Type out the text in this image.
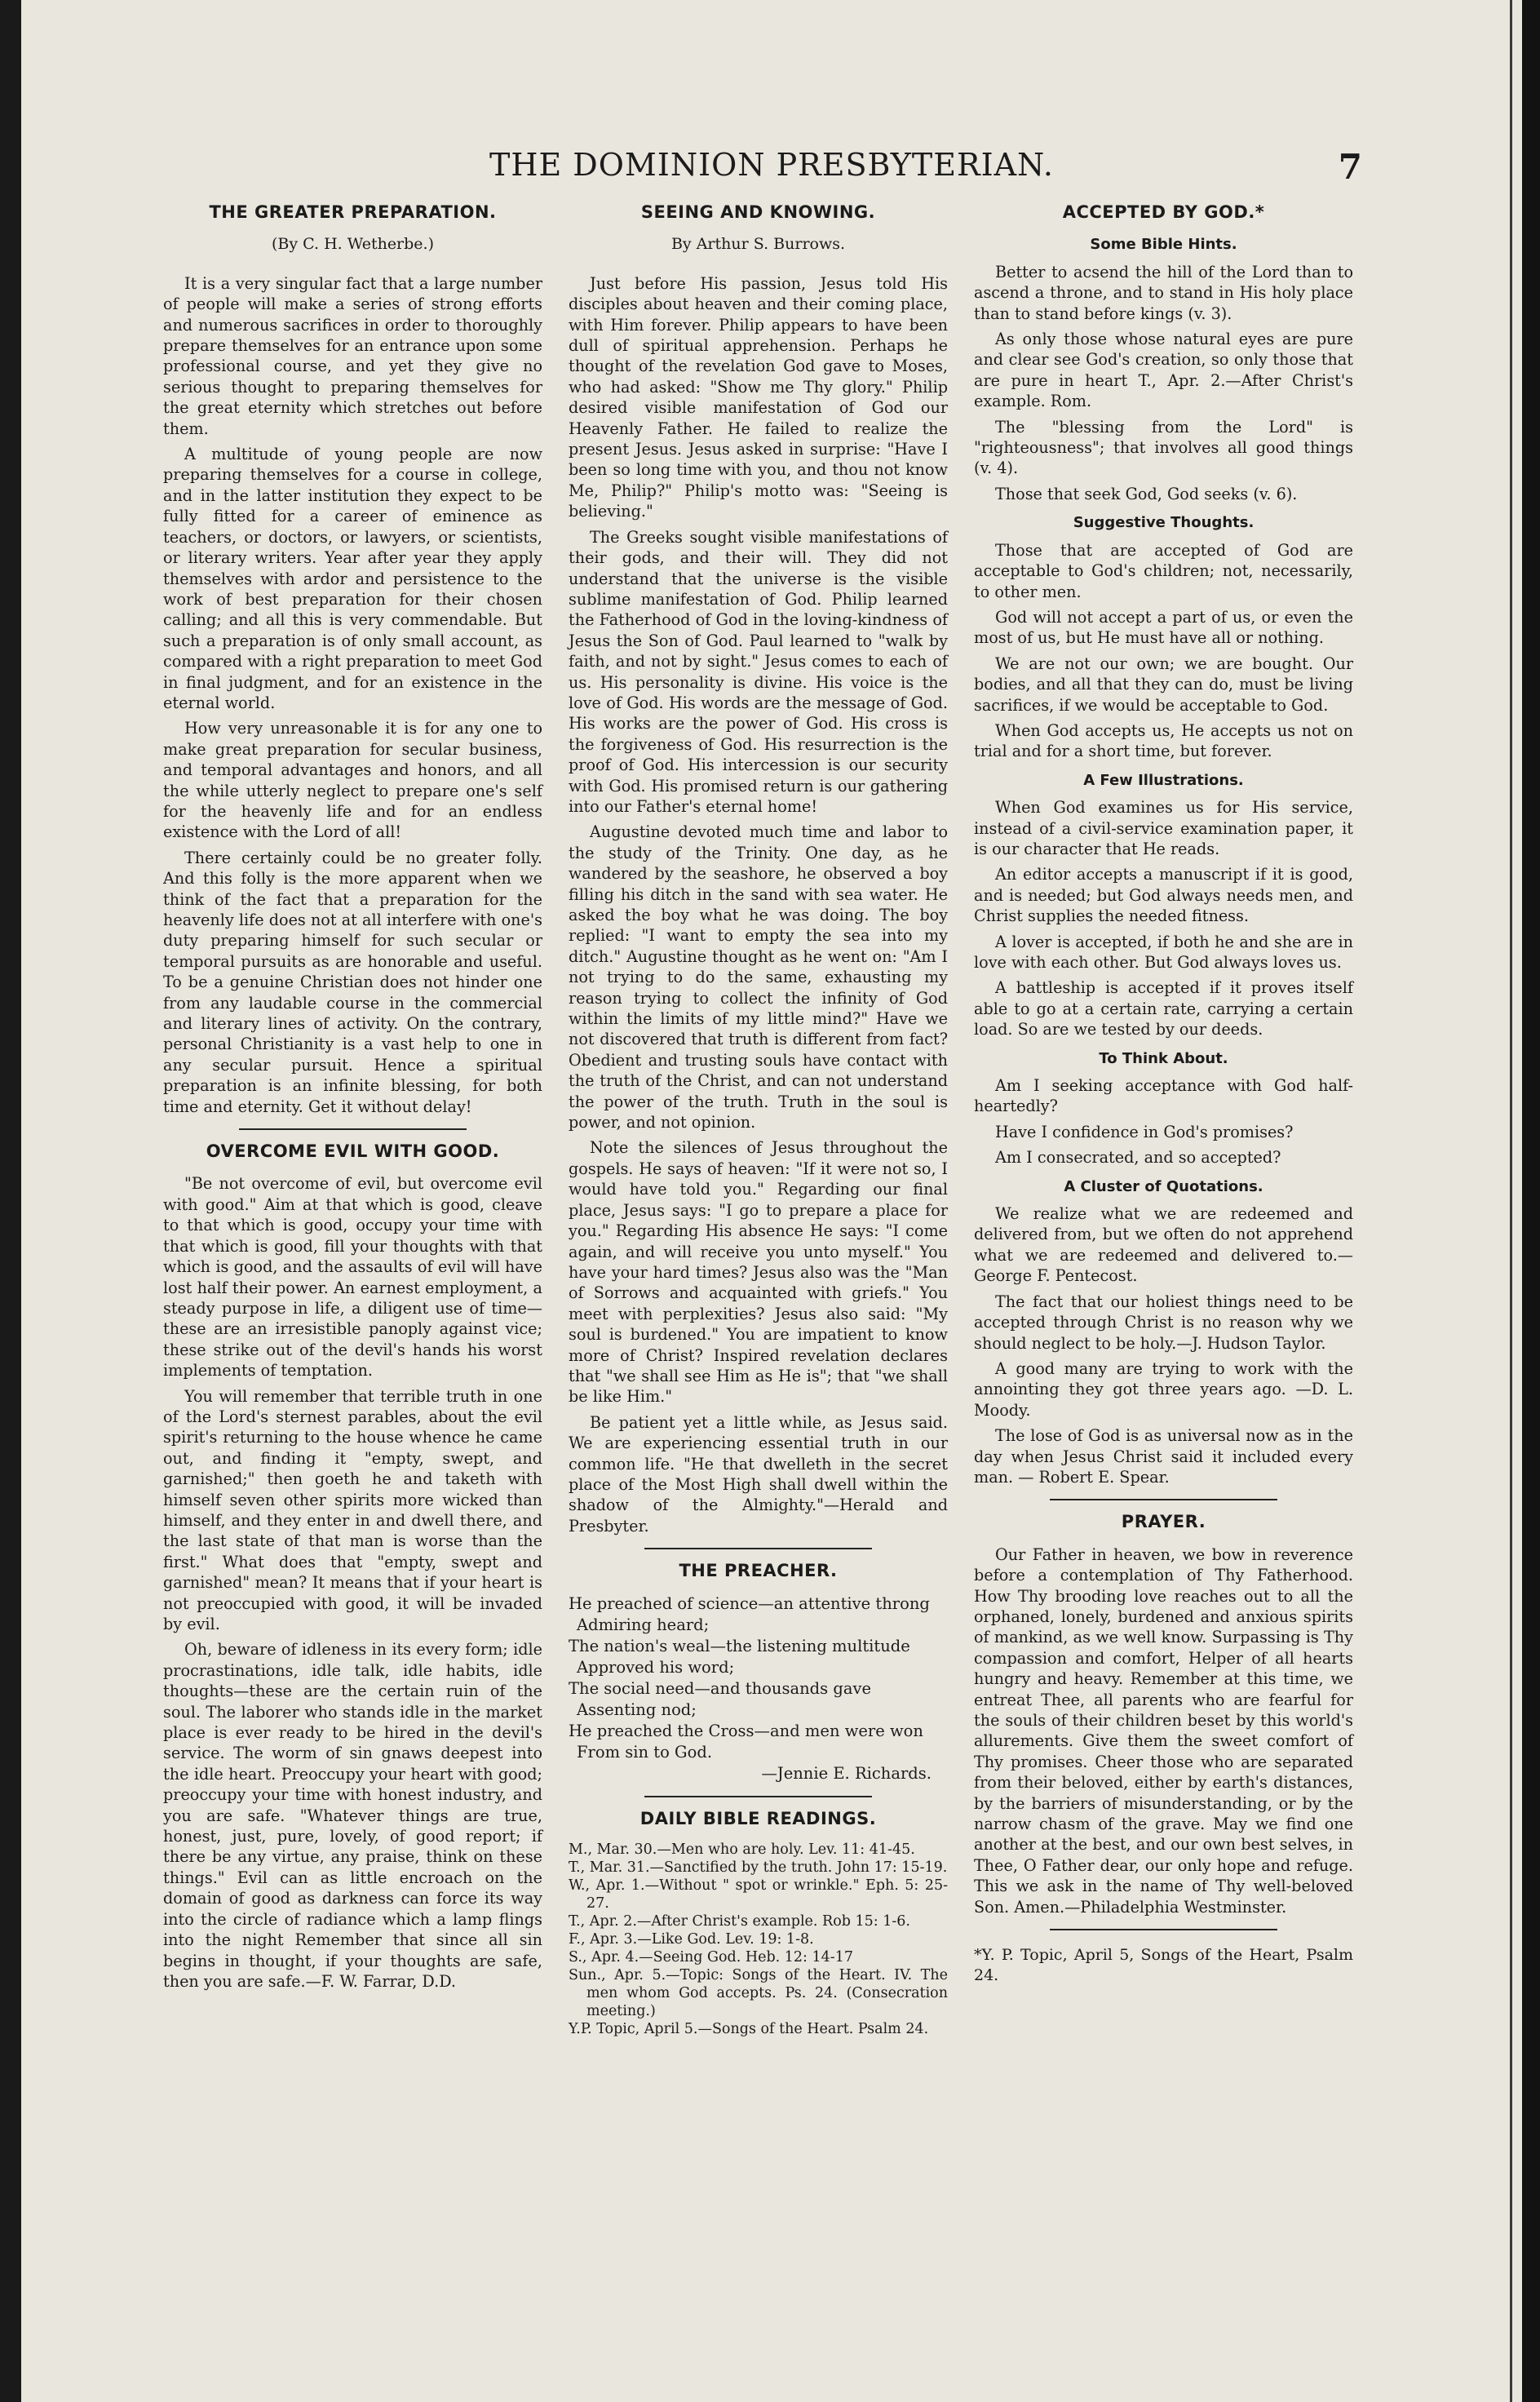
THE DOMINION PRESBYTERIAN.	7
THE GREATER PREPARATION.
(By C. H. Wetherbe.)

It is a very singular fact that a large number of people will make a series of strong efforts and numerous sacrifices in order to thoroughly prepare themselves for an entrance upon some professional course, and yet they give no serious thought to preparing themselves for the great eternity which stretches out before them.

A multitude of young people are now preparing themselves for a course in college, and in the latter institution they expect to be fully fitted for a career of eminence as teachers, or doctors, or lawyers, or scientists, or literary writers. Year after year they apply themselves with ardor and persistence to the work of best preparation for their chosen calling; and all this is very commendable. But such a preparation is of only small account, as compared with a right preparation to meet God in final judgment, and for an existence in the eternal world.

How very unreasonable it is for any one to make great preparation for secular business, and temporal advantages and honors, and all the while utterly neglect to prepare one's self for the heavenly life and for an endless existence with the Lord of all!

There certainly could be no greater folly. And this folly is the more apparent when we think of the fact that a preparation for the heavenly life does not at all interfere with one's duty preparing himself for such secular or temporal pursuits as are honorable and useful. To be a genuine Christian does not hinder one from any laudable course in the commercial and literary lines of activity. On the contrary, personal Christianity is a vast help to one in any secular pursuit. Hence a spiritual preparation is an infinite blessing, for both time and eternity. Get it without delay!

OVERCOME EVIL WITH GOOD.

"Be not overcome of evil, but overcome evil with good." Aim at that which is good, cleave to that which is good, occupy your time with that which is good, fill your thoughts with that which is good, and the assaults of evil will have lost half their power. An earnest employment, a steady purpose in life, a diligent use of time—these are an irresistible panoply against vice; these strike out of the devil's hands his worst implements of temptation.

You will remember that terrible truth in one of the Lord's sternest parables, about the evil spirit's returning to the house whence he came out, and finding it "empty, swept, and garnished;" then goeth he and taketh with himself seven other spirits more wicked than himself, and they enter in and dwell there, and the last state of that man is worse than the first." What does that "empty, swept and garnished" mean? It means that if your heart is not preoccupied with good, it will be invaded by evil.

Oh, beware of idleness in its every form; idle procrastinations, idle talk, idle habits, idle thoughts—these are the certain ruin of the soul. The laborer who stands idle in the market place is ever ready to be hired in the devil's service. The worm of sin gnaws deepest into the idle heart. Preoccupy your heart with good; preoccupy your time with honest industry, and you are safe. "Whatever things are true, honest, just, pure, lovely, of good report; if there be any virtue, any praise, think on these things." Evil can as little encroach on the domain of good as darkness can force its way into the circle of radiance which a lamp flings into the night Remember that since all sin begins in thought, if your thoughts are safe, then you are safe.—F. W. Farrar, D.D.

SEEING AND KNOWING.
By Arthur S. Burrows.

Just before His passion, Jesus told His disciples about heaven and their coming place, with Him forever. Philip appears to have been dull of spiritual apprehension. Perhaps he thought of the revelation God gave to Moses, who had asked: "Show me Thy glory." Philip desired visible manifestation of God our Heavenly Father. He failed to realize the present Jesus. Jesus asked in surprise: "Have I been so long time with you, and thou not know Me, Philip?" Philip's motto was: "Seeing is believing."

The Greeks sought visible manifestations of their gods, and their will. They did not understand that the universe is the visible sublime manifestation of God. Philip learned the Fatherhood of God in the loving-kindness of Jesus the Son of God. Paul learned to "walk by faith, and not by sight." Jesus comes to each of us. His personality is divine. His voice is the love of God. His words are the message of God. His works are the power of God. His cross is the forgiveness of God. His resurrection is the proof of God. His intercession is our security with God. His promised return is our gathering into our Father's eternal home!

Augustine devoted much time and labor to the study of the Trinity. One day, as he wandered by the seashore, he observed a boy filling his ditch in the sand with sea water. He asked the boy what he was doing. The boy replied: "I want to empty the sea into my ditch." Augustine thought as he went on: "Am I not trying to do the same, exhausting my reason trying to collect the infinity of God within the limits of my little mind?" Have we not discovered that truth is different from fact? Obedient and trusting souls have contact with the truth of the Christ, and can not understand the power of the truth. Truth in the soul is power, and not opinion.

Note the silences of Jesus throughout the gospels. He says of heaven: "If it were not so, I would have told you." Regarding our final place, Jesus says: "I go to prepare a place for you." Regarding His absence He says: "I come again, and will receive you unto myself." You have your hard times? Jesus also was the "Man of Sorrows and acquainted with griefs." You meet with perplexities? Jesus also said: "My soul is burdened." You are impatient to know more of Christ? Inspired revelation declares that "we shall see Him as He is"; that "we shall be like Him."

Be patient yet a little while, as Jesus said. We are experiencing essential truth in our common life. "He that dwelleth in the secret place of the Most High shall dwell within the shadow of the Almighty."—Herald and Presbyter.

THE PREACHER.
He preached of science—an attentive throng
Admiring heard;
The nation's weal—the listening multitude
Approved his word;
The social need—and thousands gave
Assenting nod;
He preached the Cross—and men were won
From sin to God.
—Jennie E. Richards.
DAILY BIBLE READINGS.
M., Mar. 30.—Men who are holy. Lev. 11: 41-45.
T., Mar. 31.—Sanctified by the truth. John 17: 15-19.
W., Apr. 1.—Without " spot or wrinkle." Eph. 5: 25-27.
T., Apr. 2.—After Christ's example. Rob 15: 1-6.
F., Apr. 3.—Like God. Lev. 19: 1-8.
S., Apr. 4.—Seeing God. Heb. 12: 14-17
Sun., Apr. 5.—Topic: Songs of the Heart. IV. The men whom God accepts. Ps. 24. (Consecration meeting.)
Y.P. Topic, April 5.—Songs of the Heart. Psalm 24.
ACCEPTED BY GOD.*
Some Bible Hints.

Better to acsend the hill of the Lord than to ascend a throne, and to stand in His holy place than to stand before kings (v. 3).

As only those whose natural eyes are pure and clear see God's creation, so only those that are pure in heart T., Apr. 2.—After Christ's example. Rom.

The "blessing from the Lord" is "righteousness"; that involves all good things (v. 4).

Those that seek God, God seeks (v. 6).

Suggestive Thoughts.

Those that are accepted of God are acceptable to God's children; not, necessarily, to other men.

God will not accept a part of us, or even the most of us, but He must have all or nothing.

We are not our own; we are bought. Our bodies, and all that they can do, must be living sacrifices, if we would be acceptable to God.

When God accepts us, He accepts us not on trial and for a short time, but forever.

A Few Illustrations.

When God examines us for His service, instead of a civil-service examination paper, it is our character that He reads.

An editor accepts a manuscript if it is good, and is needed; but God always needs men, and Christ supplies the needed fitness.

A lover is accepted, if both he and she are in love with each other. But God always loves us.

A battleship is accepted if it proves itself able to go at a certain rate, carrying a certain load. So are we tested by our deeds.

To Think About.

Am I seeking acceptance with God half-heartedly?

Have I confidence in God's promises?

Am I consecrated, and so accepted?

A Cluster of Quotations.

We realize what we are redeemed and delivered from, but we often do not apprehend what we are redeemed and delivered to.—George F. Pentecost.

The fact that our holiest things need to be accepted through Christ is no reason why we should neglect to be holy.—J. Hudson Taylor.

A good many are trying to work with the annointing they got three years ago. —D. L. Moody.

The lose of God is as universal now as in the day when Jesus Christ said it included every man. — Robert E. Spear.

PRAYER.

Our Father in heaven, we bow in reverence before a contemplation of Thy Fatherhood. How Thy brooding love reaches out to all the orphaned, lonely, burdened and anxious spirits of mankind, as we well know. Surpassing is Thy compassion and comfort, Helper of all hearts hungry and heavy. Remember at this time, we entreat Thee, all parents who are fearful for the souls of their children beset by this world's allurements. Give them the sweet comfort of Thy promises. Cheer those who are separated from their beloved, either by earth's distances, by the barriers of misunderstanding, or by the narrow chasm of the grave. May we find one another at the best, and our own best selves, in Thee, O Father dear, our only hope and refuge. This we ask in the name of Thy well-beloved Son. Amen.—Philadelphia Westminster.

*Y. P. Topic, April 5, Songs of the Heart, Psalm 24.
